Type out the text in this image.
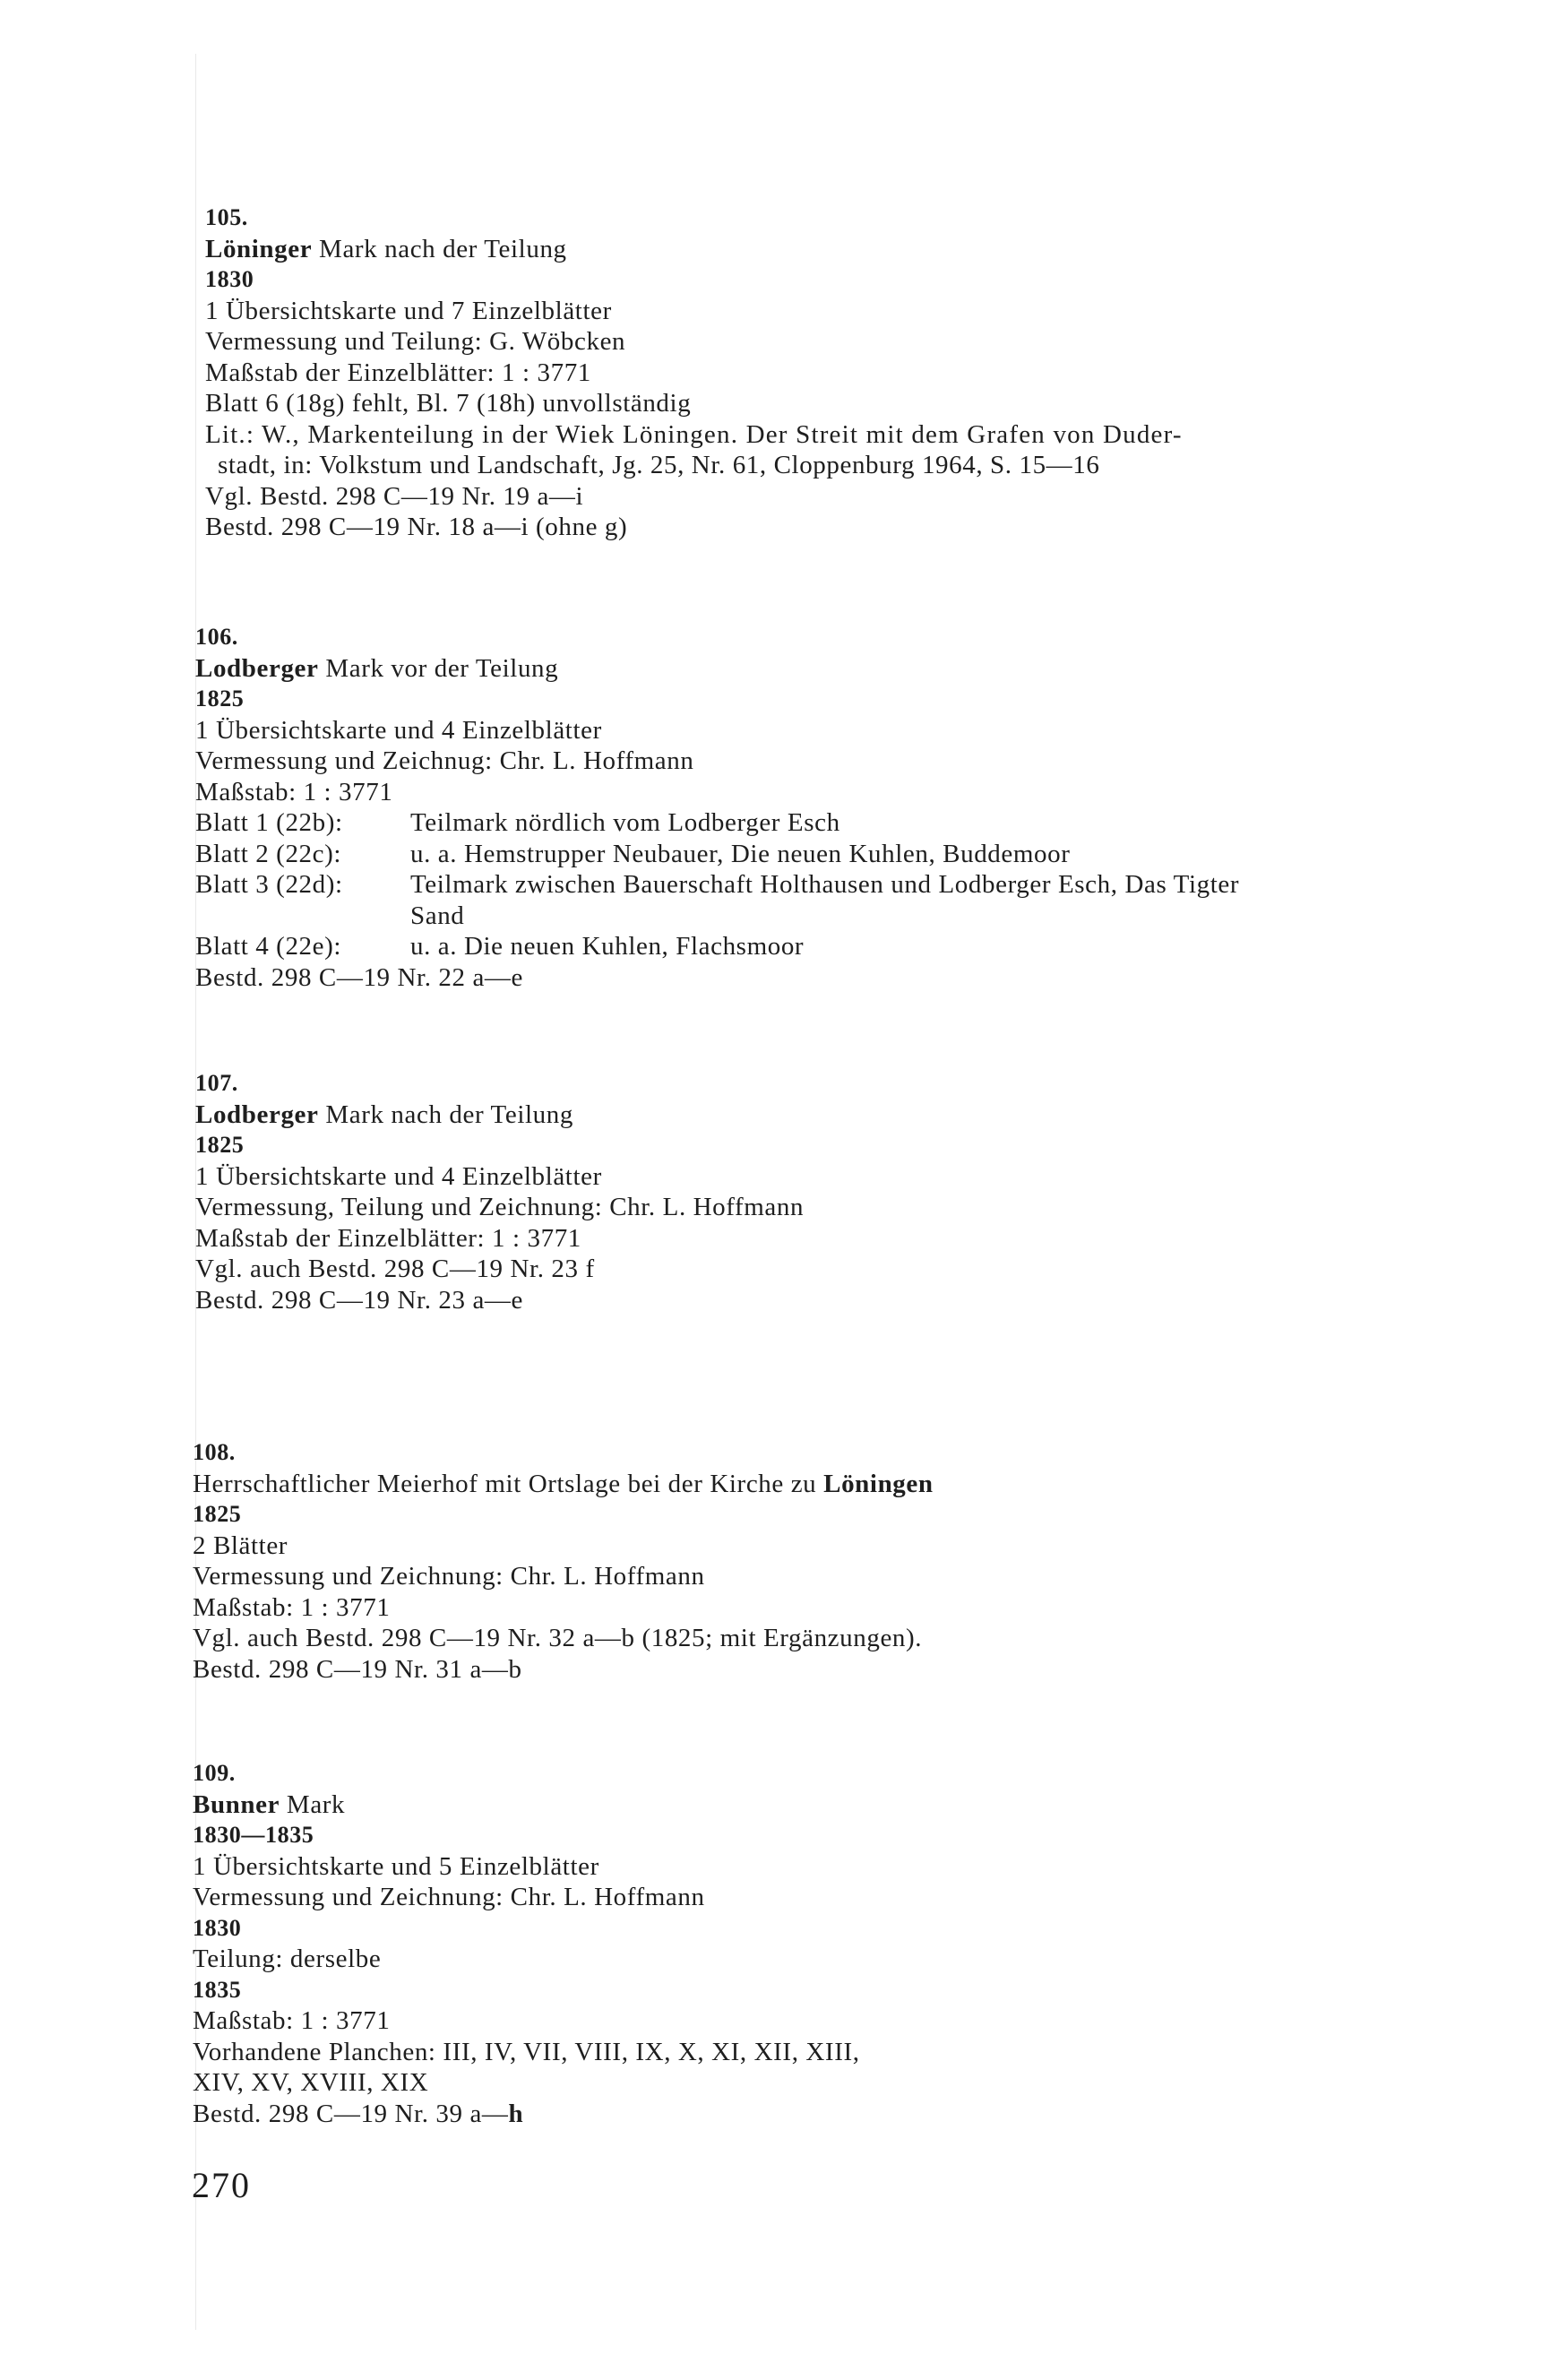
105.
Löninger Mark nach der Teilung
1830
1 Übersichtskarte und 7 Einzelblätter
Vermessung und Teilung: G. Wöbcken
Maßstab der Einzelblätter: 1 : 3771
Blatt 6 (18g) fehlt, Bl. 7 (18h) unvollständig
Lit.: W., Markenteilung in der Wiek Löningen. Der Streit mit dem Grafen von Duder-
stadt, in: Volkstum und Landschaft, Jg. 25, Nr. 61, Cloppenburg 1964, S. 15—16
Vgl. Bestd. 298 C—19 Nr. 19 a—i
Bestd. 298 C—19 Nr. 18 a—i (ohne g)
106.
Lodberger Mark vor der Teilung
1825
1 Übersichtskarte und 4 Einzelblätter
Vermessung und Zeichnug: Chr. L. Hoffmann
Maßstab: 1 : 3771
Blatt 1 (22b):	Teilmark nördlich vom Lodberger Esch
Blatt 2 (22c):	u. a. Hemstrupper Neubauer, Die neuen Kuhlen, Buddemoor
Blatt 3 (22d):	Teilmark zwischen Bauerschaft Holthausen und Lodberger Esch, Das Tigter
Sand
Blatt 4 (22e):	u. a. Die neuen Kuhlen, Flachsmoor
Bestd. 298 C—19 Nr. 22 a—e
107.
Lodberger Mark nach der Teilung
1825
1 Übersichtskarte und 4 Einzelblätter
Vermessung, Teilung und Zeichnung: Chr. L. Hoffmann
Maßstab der Einzelblätter: 1 : 3771
Vgl. auch Bestd. 298 C—19 Nr. 23 f
Bestd. 298 C—19 Nr. 23 a—e
108.
Herrschaftlicher Meierhof mit Ortslage bei der Kirche zu Löningen
1825
2 Blätter
Vermessung und Zeichnung: Chr. L. Hoffmann
Maßstab: 1 : 3771
Vgl. auch Bestd. 298 C—19 Nr. 32 a—b (1825; mit Ergänzungen).
Bestd. 298 C—19 Nr. 31 a—b
109.
Bunner Mark
1830—1835
1 Übersichtskarte und 5 Einzelblätter
Vermessung und Zeichnung: Chr. L. Hoffmann
1830
Teilung: derselbe
1835
Maßstab: 1 : 3771
Vorhandene Planchen: III, IV, VII, VIII, IX, X, XI, XII, XIII,
XIV, XV, XVIII, XIX
Bestd. 298 C—19 Nr. 39 a—h
270
